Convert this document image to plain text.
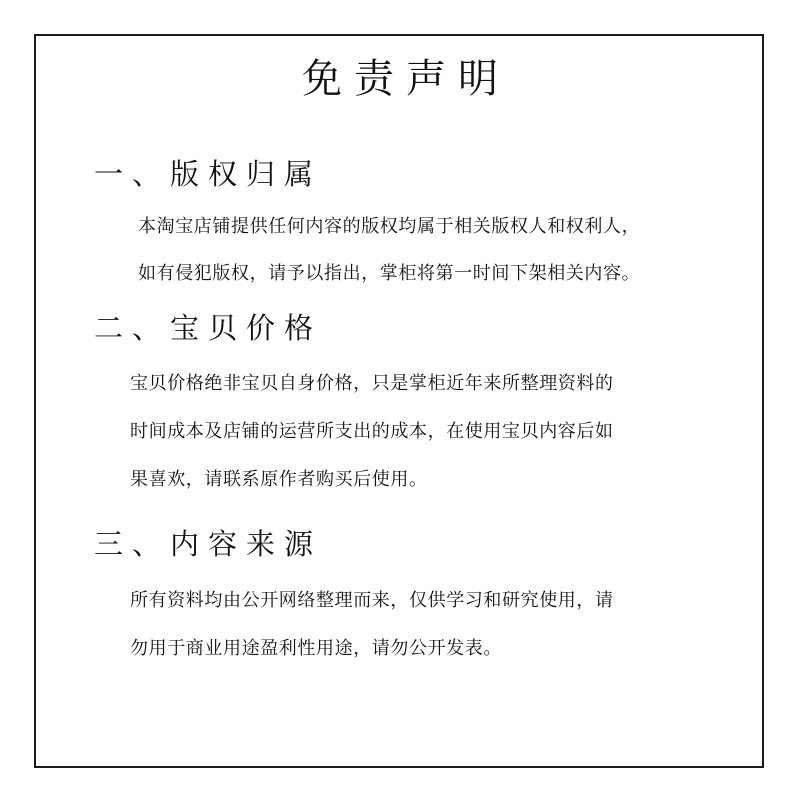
免责声明
一、版权归属

本淘宝店铺提供任何内容的版权均属于相关版权人和权利人，

如有侵犯版权，请予以指出，掌柜将第一时间下架相关内容。

二、宝贝价格

宝贝价格绝非宝贝自身价格，只是掌柜近年来所整理资料的

时间成本及店铺的运营所支出的成本，在使用宝贝内容后如

果喜欢，请联系原作者购买后使用。

三、内容来源

所有资料均由公开网络整理而来，仅供学习和研究使用，请

勿用于商业用途盈利性用途，请勿公开发表。
